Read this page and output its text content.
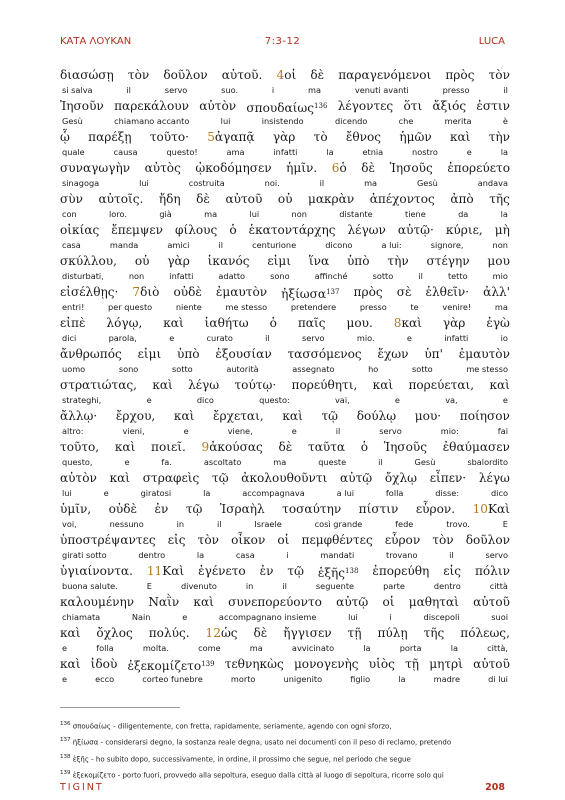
ΚΑΤΑ ΛΟΥΚΑΝ	7:3-12	LUCA
διασώσῃ τὸν δοῦλον αὐτοῦ. 4οἱ δὲ παραγενόμενοι πρὸς τὸν
si salva	il	servo	suo.	i	ma	venuti avanti	presso	il
Ἰησοῦν παρεκάλουν αὐτὸν σπουδαίως$^{136}$ λέγοντες ὅτι ἄξιός ἐστιν
Gesù	chiamano accanto	lui	insistendo	dicendo	che	merita	è
ᾧ παρέξῃ τοῦτο· 5ἀγαπᾷ γὰρ τὸ ἔθνος ἡμῶν καὶ τὴν
quale	causa	questo!	ama	infatti	la	etnia	nostro	e	la
συναγωγὴν αὐτὸς ᾠκοδόμησεν ἡμῖν. 6ὁ δὲ Ἰησοῦς ἐπορεύετο
sinagoga	lui	costruita	noi.	il	ma	Gesù	andava
σὺν αὐτοῖς. ἤδη δὲ αὐτοῦ οὐ μακρὰν ἀπέχοντος ἀπὸ τῆς
con	loro.	già	ma	lui	non	distante	tiene	da	la
οἰκίας ἔπεμψεν φίλους ὁ ἑκατοντάρχης λέγων αὐτῷ· κύριε, μὴ
casa	manda	amici	il	centurione	dicono	a lui:	signore,	non
σκύλλου, οὐ γὰρ ἱκανός εἰμι ἵνα ὑπὸ τὴν στέγην μου
disturbati,	non	infatti	adatto	sono	affinché	sotto	il	tetto	mio
εἰσέλθῃς· 7διὸ οὐδὲ ἐμαυτὸν ἠξίωσα$^{137}$ πρὸς σὲ ἐλθεῖν· ἀλλ'
entri!	per questo	niente	me stesso	pretendere	presso	te	venire!	ma
εἰπὲ λόγῳ, καὶ ἰαθήτω ὁ παῖς μου. 8καὶ γὰρ ἐγὼ
dici	parola,	e	curato	il	servo	mio.	e	infatti	io
ἄνθρωπός εἰμι ὑπὸ ἐξουσίαν τασσόμενος ἔχων ὑπ' ἐμαυτὸν
uomo	sono	sotto	autorità	assegnato	ho	sotto	me stesso
στρατιώτας, καὶ λέγω τούτῳ· πορεύθητι, καὶ πορεύεται, καὶ
strateghi,	e	dico	questo:	vai,	e	va,	e
ἄλλῳ· ἔρχου, καὶ ἔρχεται, καὶ τῷ δούλῳ μου· ποίησον
altro:	vieni,	e	viene,	e	il	servo	mio:	fai
τοῦτο, καὶ ποιεῖ. 9ἀκούσας δὲ ταῦτα ὁ Ἰησοῦς ἐθαύμασεν
questo,	e	fa.	ascoltato	ma	queste	il	Gesù	sbalordito
αὐτὸν καὶ στραφεὶς τῷ ἀκολουθοῦντι αὐτῷ ὄχλῳ εἶπεν· λέγω
lui	e	giratosi	la	accompagnava	a lui	folla	disse:	dico
ὑμῖν, οὐδὲ ἐν τῷ Ἰσραὴλ τοσαύτην πίστιν εὗρον. 10Καὶ
voi,	nessuno	in	il	Israele	così grande	fede	trovo.	E
ὑποστρέψαντες εἰς τὸν οἶκον οἱ πεμφθέντες εὗρον τὸν δοῦλον
girati sotto	dentro	la	casa	i	mandati	trovano	il	servo
ὑγιαίνοντα. 11Καὶ ἐγένετο ἐν τῷ ἑξῆς$^{138}$ ἐπορεύθη εἰς πόλιν
buona salute.	E	divenuto	in	il	seguente	parte	dentro	città
καλουμένην Ναῒν καὶ συνεπορεύοντο αὐτῷ οἱ μαθηταὶ αὐτοῦ
chiamata	Nain	e	accompagnano insieme	lui	i	discepoli	suoi
καὶ ὄχλος πολύς. 12ὡς δὲ ἤγγισεν τῇ πύλῃ τῆς πόλεως,
e	folla	molta.	come	ma	avvicinato	la	porta	la	città,
καὶ ἰδοὺ ἐξεκομίζετο$^{139}$ τεθνηκὼς μονογενὴς υἱὸς τῇ μητρὶ αὐτοῦ
e	ecco	corteo funebre	morto	unigenito	figlio	la	madre	di lui
$^{136}$ σπουδαίως - diligentemente, con fretta, rapidamente, seriamente, agendo con ogni sforzo,
$^{137}$ ἠξίωσα - considerarsi degno, la sostanza reale degna, usato nei documenti con il peso di reclamo, pretendo
$^{138}$ ἑξῆς - ho subito dopo, successivamente, in ordine, il prossimo che segue, nel periodo che segue
$^{139}$ ἐξεκομίζετο - porto fuori, provvedo alla sepoltura, eseguo dalla città al luogo di sepoltura, ricorre solo qui
TIGINT	208
